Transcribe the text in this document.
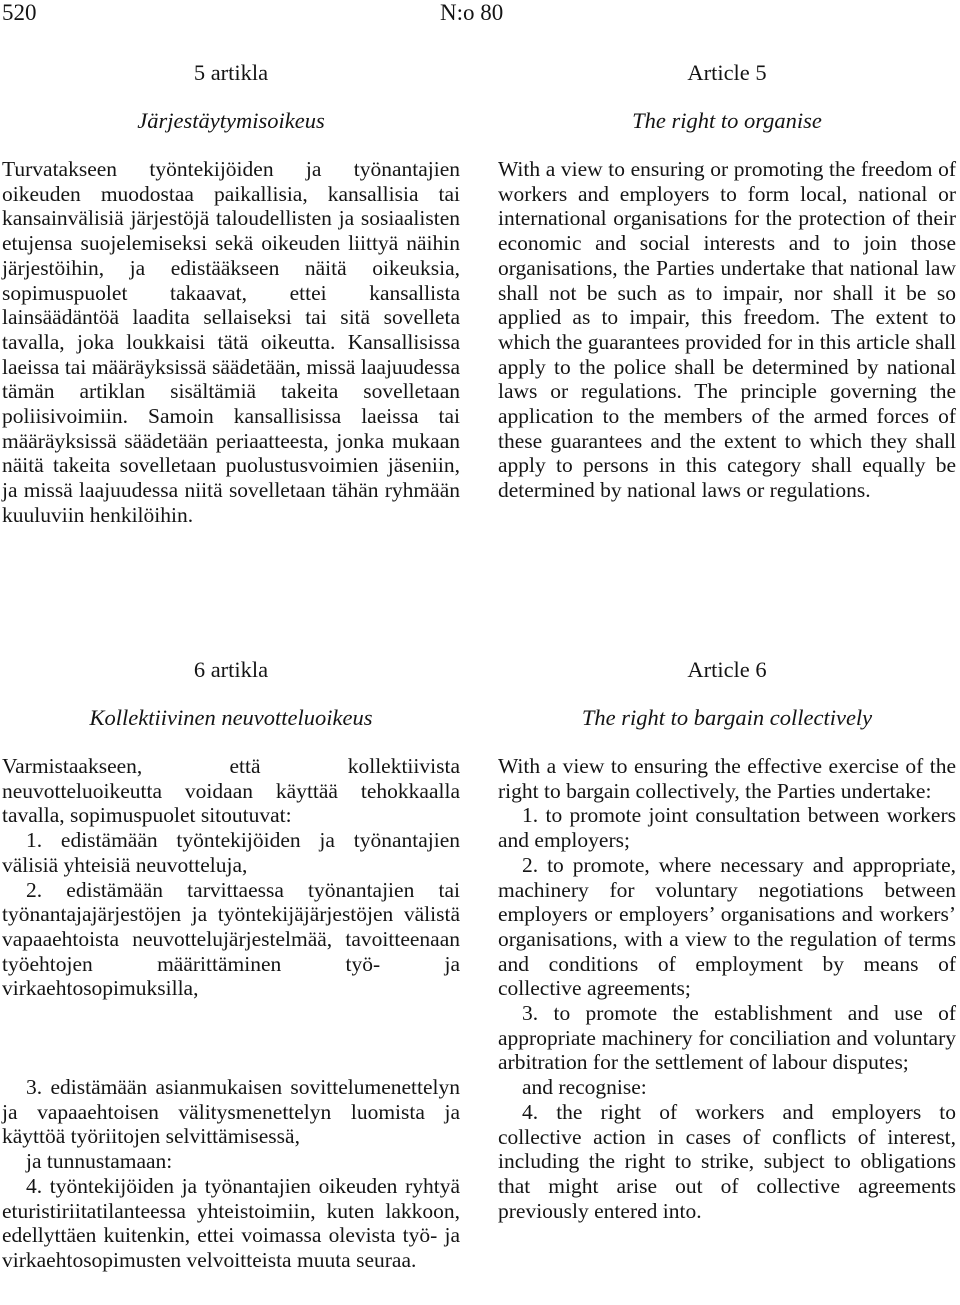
520	N:o 80

5 artikla

Järjestäytymisoikeus

Turvatakseen työntekijöiden ja työnantajien oikeuden muodostaa paikallisia, kansallisia tai kansainvälisiä järjestöjä taloudellisten ja sosiaalisten etujensa suojelemiseksi sekä oikeuden liittyä näihin järjestöihin, ja edistääkseen näitä oikeuksia, sopimuspuolet takaavat, ettei kansallista lainsäädäntöä laadita sellaiseksi tai sitä sovelleta tavalla, joka loukkaisi tätä oikeutta. Kansallisissa laeissa tai määräyksissä säädetään, missä laajuudessa tämän artiklan sisältämiä takeita sovelletaan poliisivoimiin. Samoin kansallisissa laeissa tai määräyksissä säädetään periaatteesta, jonka mukaan näitä takeita sovelletaan puolustusvoimien jäseniin, ja missä laajuudessa niitä sovelletaan tähän ryhmään kuuluviin henkilöihin.

Article 5

The right to organise

With a view to ensuring or promoting the freedom of workers and employers to form local, national or international organisations for the protection of their economic and social interests and to join those organisations, the Parties undertake that national law shall not be such as to impair, nor shall it be so applied as to impair, this freedom. The extent to which the guarantees provided for in this article shall apply to the police shall be determined by national laws or regulations. The principle governing the application to the members of the armed forces of these guarantees and the extent to which they shall apply to persons in this category shall equally be determined by national laws or regulations.

6 artikla

Kollektiivinen neuvotteluoikeus

Varmistaakseen, että kollektiivista neuvotteluoikeutta voidaan käyttää tehokkaalla tavalla, sopimuspuolet sitoutuvat:

1. edistämään työntekijöiden ja työnantajien välisiä yhteisiä neuvotteluja,

2. edistämään tarvittaessa työnantajien tai työnantajajärjestöjen ja työntekijäjärjestöjen välistä vapaaehtoista neuvottelujärjestelmää, tavoitteenaan työehtojen määrittäminen työ- ja virkaehtosopimuksilla,

3. edistämään asianmukaisen sovittelumenettelyn ja vapaaehtoisen välitysmenettelyn luomista ja käyttöä työriitojen selvittämisessä,

ja tunnustamaan:

4. työntekijöiden ja työnantajien oikeuden ryhtyä eturistiriitatilanteessa yhteistoimiin, kuten lakkoon, edellyttäen kuitenkin, ettei voimassa olevista työ- ja virkaehtosopimusten velvoitteista muuta seuraa.

Article 6

The right to bargain collectively

With a view to ensuring the effective exercise of the right to bargain collectively, the Parties undertake:

1. to promote joint consultation between workers and employers;

2. to promote, where necessary and appropriate, machinery for voluntary negotiations between employers or employers’ organisations and workers’ organisations, with a view to the regulation of terms and conditions of employment by means of collective agreements;

3. to promote the establishment and use of appropriate machinery for conciliation and voluntary arbitration for the settlement of labour disputes;

and recognise:

4. the right of workers and employers to collective action in cases of conflicts of interest, including the right to strike, subject to obligations that might arise out of collective agreements previously entered into.
